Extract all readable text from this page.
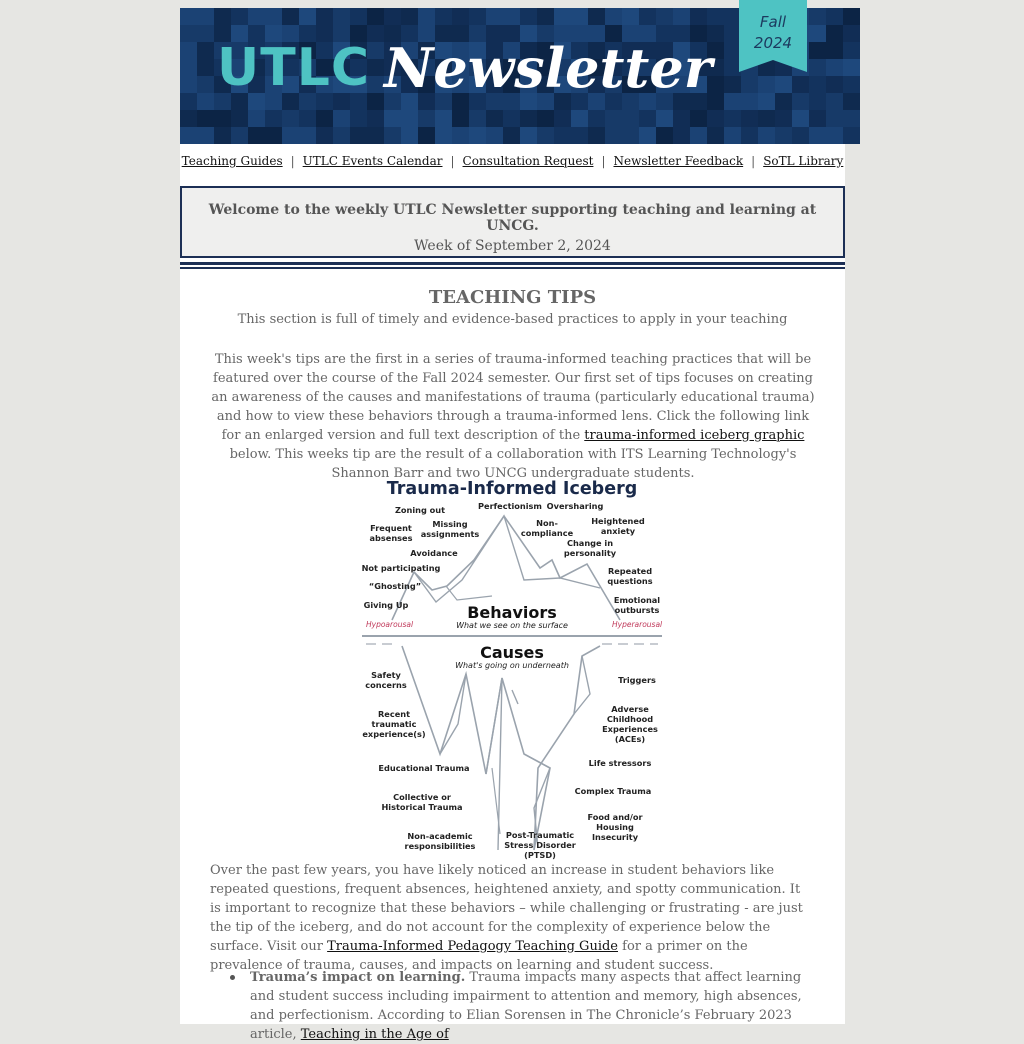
UTLC Newsletter
Fall
2024
Teaching Guides | UTLC Events Calendar | Consultation Request | Newsletter Feedback | SoTL Library
Welcome to the weekly UTLC Newsletter supporting teaching and learning at UNCG.
Week of September 2, 2024
TEACHING TIPS
This section is full of timely and evidence-based practices to apply in your teaching
This week's tips are the first in a series of trauma-informed teaching practices that will be featured over the course of the Fall 2024 semester. Our first set of tips focuses on creating an awareness of the causes and manifestations of trauma (particularly educational trauma) and how to view these behaviors through a trauma-informed lens. Click the following link for an enlarged version and full text description of the trauma-informed iceberg graphic below. This weeks tip are the result of a collaboration with ITS Learning Technology's Shannon Barr and two UNCG undergraduate students.
Trauma-Informed Iceberg
Behaviors
What we see on the surface
Causes
What's going on underneath
Hypoarousal	Hyperarousal
Zoning out
Frequent
absenses
Missing
assignments
Avoidance
Not participating
“Ghosting”
Giving Up
Perfectionism Oversharing
Non-
compliance
Heightened
anxiety
Change in
personality
Repeated
questions
Emotional
outbursts
Safety
concerns
Recent
traumatic
experience(s)
Educational Trauma
Collective or
Historical Trauma
Non-academic
responsibilities
Triggers
Adverse
Childhood
Experiences
(ACEs)
Life stressors
Complex Trauma
Food and/or
Housing
Insecurity
Post-Traumatic
Stress Disorder
(PTSD)
Over the past few years, you have likely noticed an increase in student behaviors like repeated questions, frequent absences, heightened anxiety, and spotty communication. It is important to recognize that these behaviors – while challenging or frustrating - are just the tip of the iceberg, and do not account for the complexity of experience below the surface. Visit our Trauma-Informed Pedagogy Teaching Guide for a primer on the prevalence of trauma, causes, and impacts on learning and student success.
Trauma’s impact on learning. Trauma impacts many aspects that affect learning and student success including impairment to attention and memory, high absences, and perfectionism. According to Elian Sorensen in The Chronicle’s February 2023 article, Teaching in the Age of
